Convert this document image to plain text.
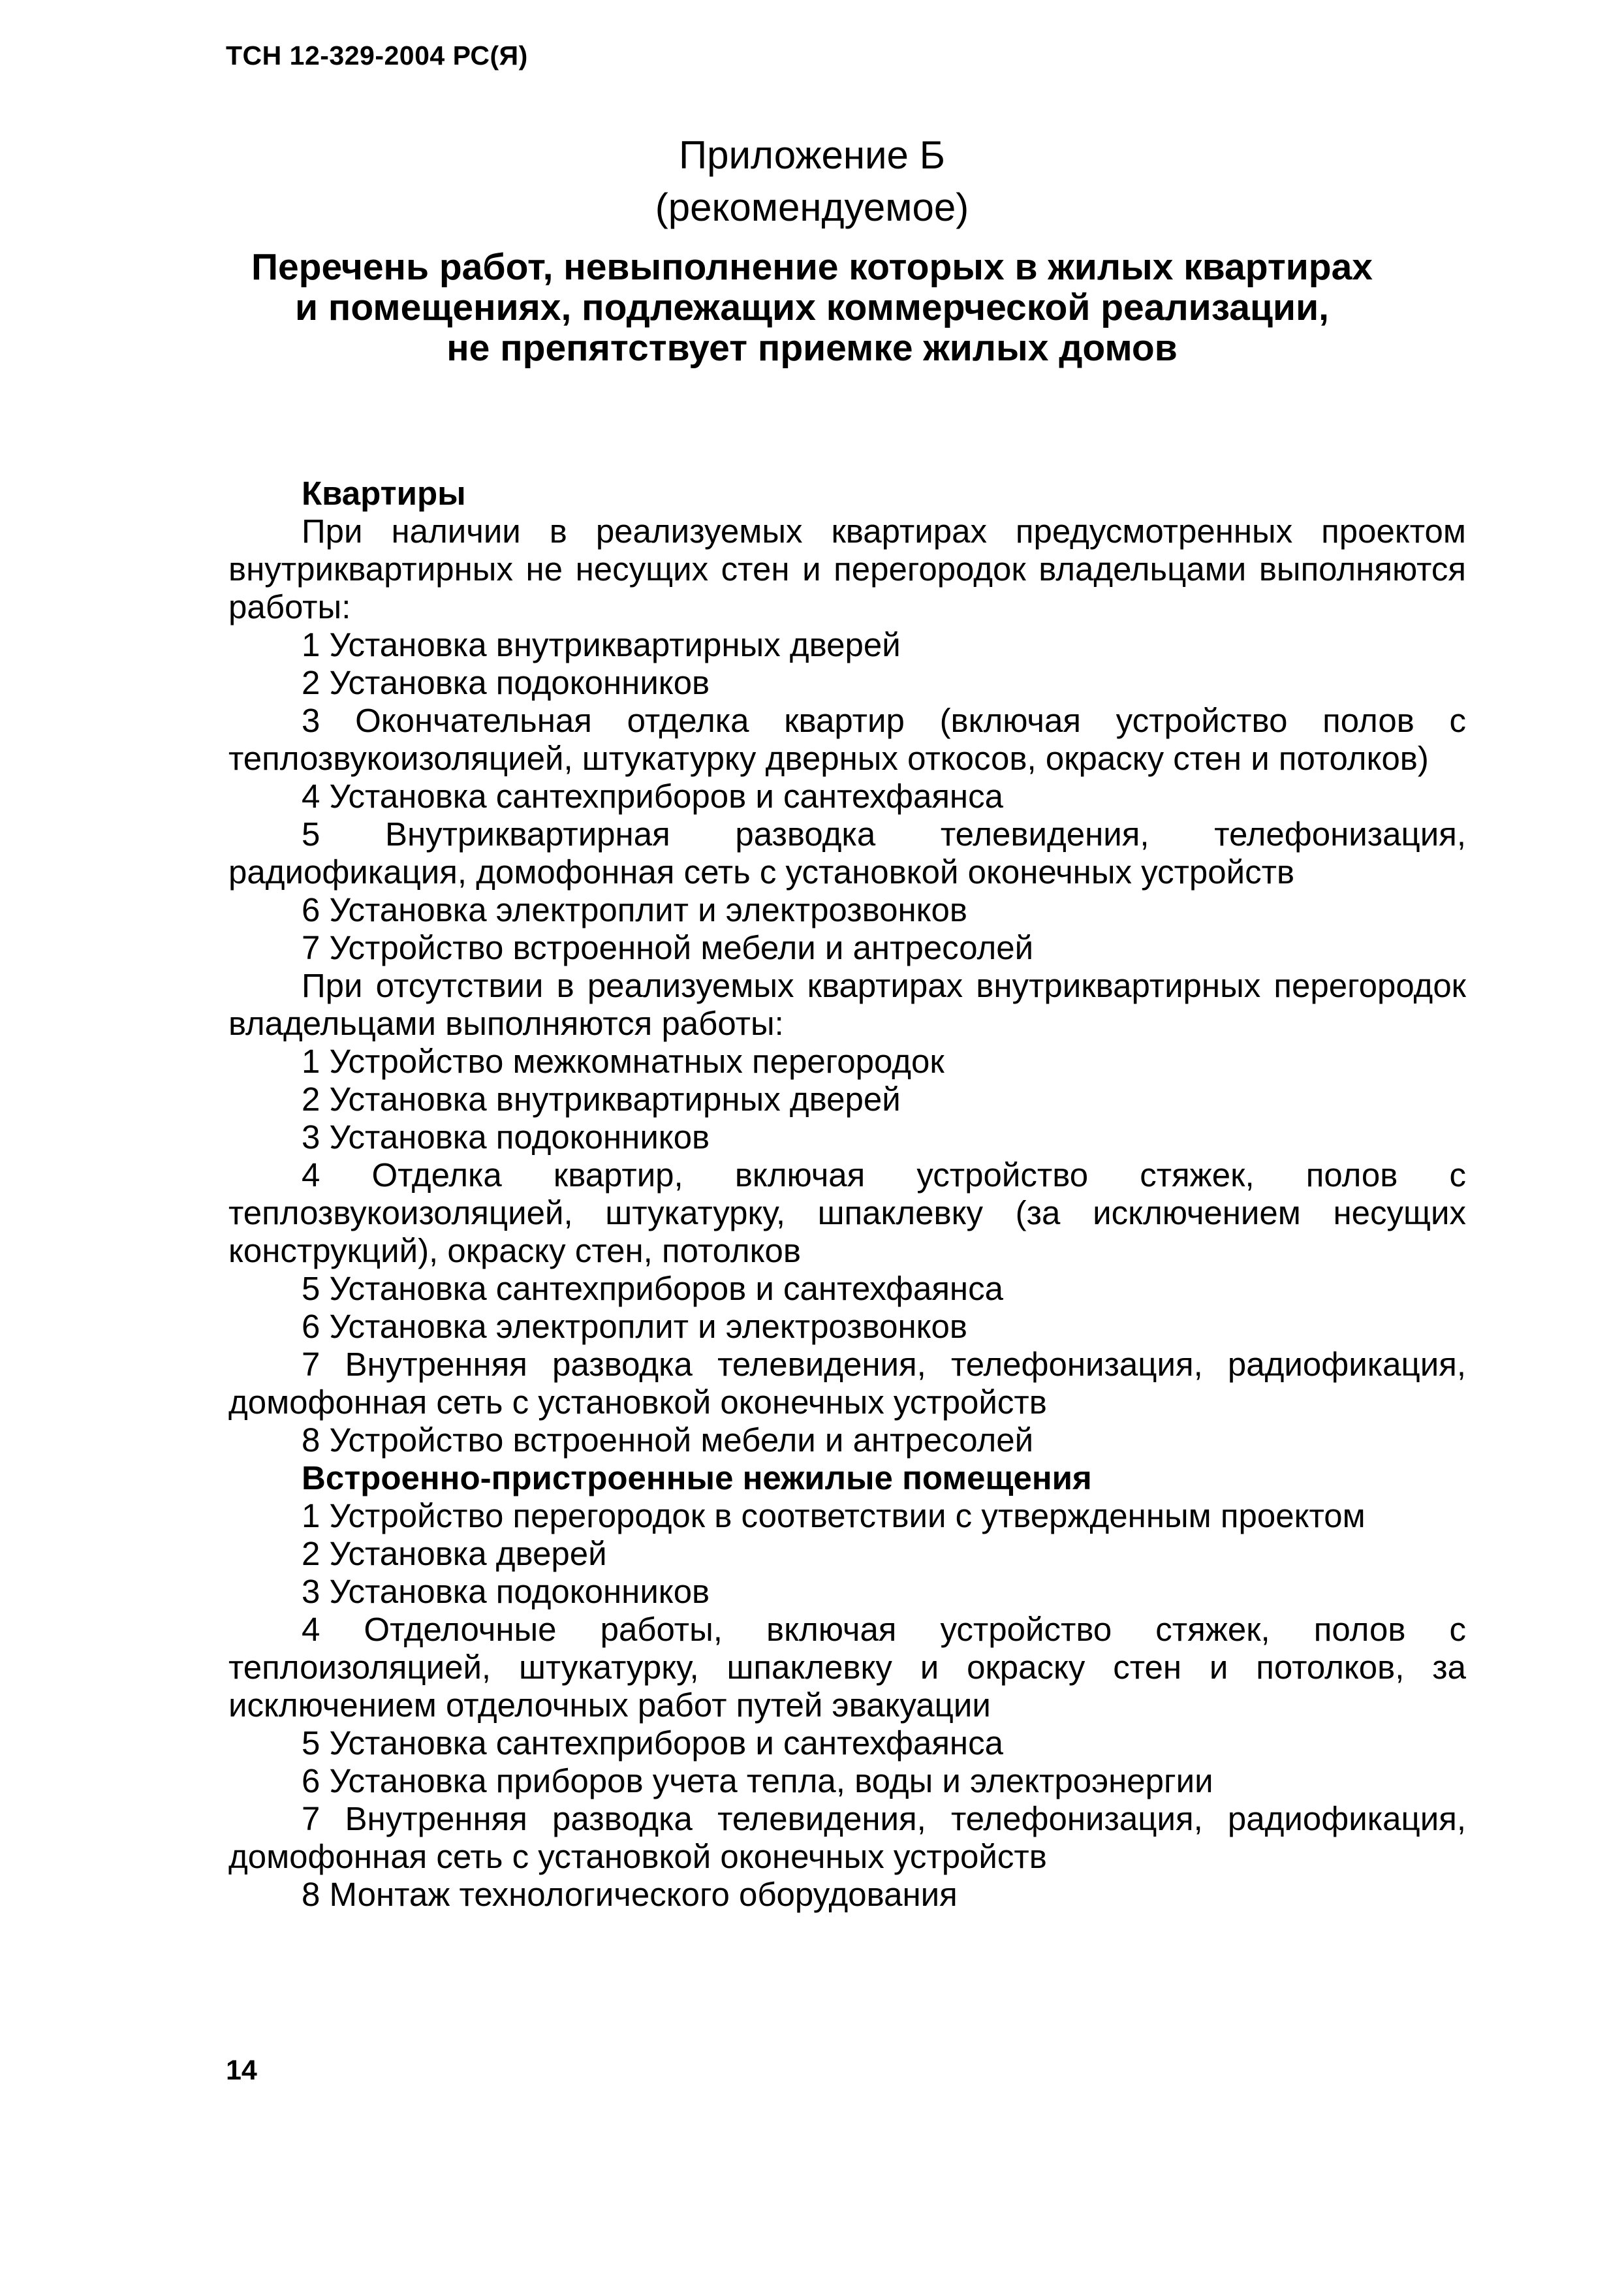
ТСН 12-329-2004 РС(Я)
Приложение Б
(рекомендуемое)
Перечень работ, невыполнение которых в жилых квартирах
и помещениях, подлежащих коммерческой реализации,
не препятствует приемке жилых домов

Квартиры

При наличии в реализуемых квартирах предусмотренных проектом внутриквартирных не несущих стен и перегородок владельцами выполняются работы:

1 Установка внутриквартирных дверей

2 Установка подоконников

3 Окончательная отделка квартир (включая устройство полов с теплозвукоизоляцией, штукатурку дверных откосов, окраску стен и потолков)

4 Установка сантехприборов и сантехфаянса

5 Внутриквартирная разводка телевидения, телефонизация, радиофикация, домофонная сеть с установкой оконечных устройств

6 Установка электроплит и электрозвонков

7 Устройство встроенной мебели и антресолей

При отсутствии в реализуемых квартирах внутриквартирных перегородок владельцами выполняются работы:

1 Устройство межкомнатных перегородок

2 Установка внутриквартирных дверей

3 Установка подоконников

4 Отделка квартир, включая устройство стяжек, полов с теплозвукоизоляцией, штукатурку, шпаклевку (за исключением несущих конструкций), окраску стен, потолков

5 Установка сантехприборов и сантехфаянса

6 Установка электроплит и электрозвонков

7 Внутренняя разводка телевидения, телефонизация, радиофикация, домофонная сеть с установкой оконечных устройств

8 Устройство встроенной мебели и антресолей

Встроенно-пристроенные нежилые помещения

1 Устройство перегородок в соответствии с утвержденным проектом

2 Установка дверей

3 Установка подоконников

4 Отделочные работы, включая устройство стяжек, полов с теплоизоляцией, штукатурку, шпаклевку и окраску стен и потолков, за исключением отделочных работ путей эвакуации

5 Установка сантехприборов и сантехфаянса

6 Установка приборов учета тепла, воды и электроэнергии

7 Внутренняя разводка телевидения, телефонизация, радиофикация, домофонная сеть с установкой оконечных устройств

8 Монтаж технологического оборудования

14
